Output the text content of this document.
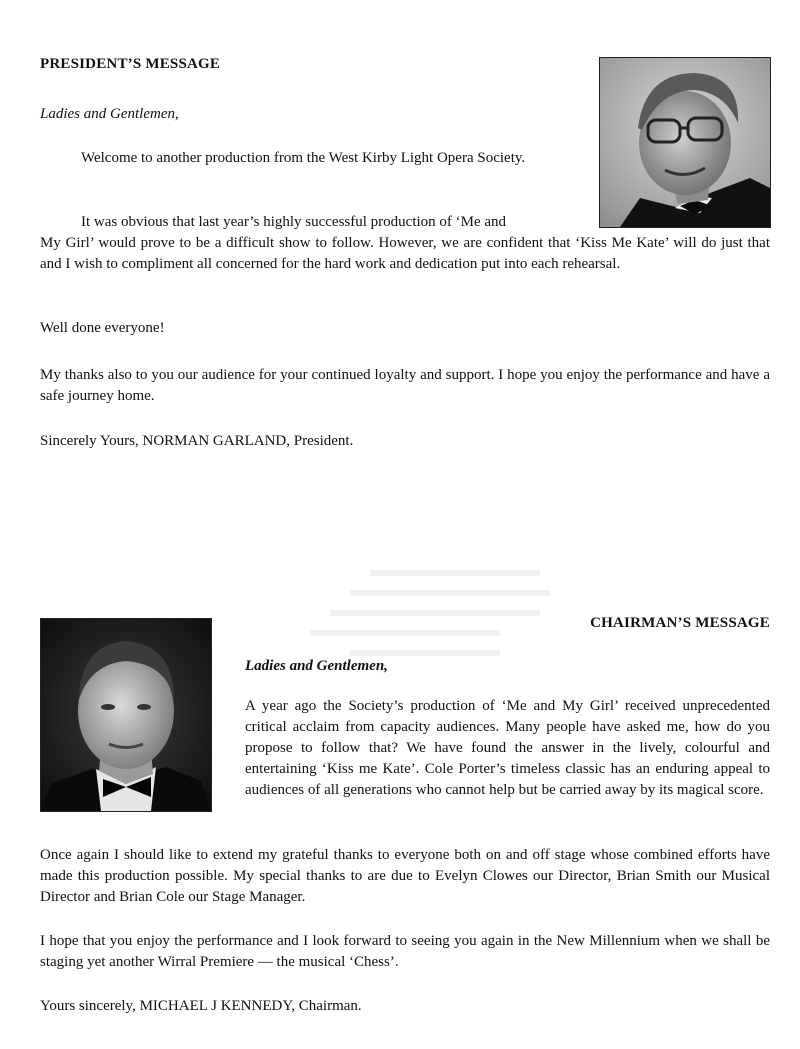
PRESIDENT’S MESSAGE

Ladies and Gentlemen,

Welcome to another production from the West Kirby Light Opera Society.

It was obvious that last year’s highly successful production of ‘Me and

My Girl’ would prove to be a difficult show to follow. However, we are confident that ‘Kiss Me Kate’ will do just that and I wish to compliment all concerned for the hard work and dedication put into each rehearsal.

Well done everyone!

My thanks also to you our audience for your continued loyalty and support. I hope you enjoy the performance and have a safe journey home.

Sincerely Yours, NORMAN GARLAND, President.

CHAIRMAN’S MESSAGE

Ladies and Gentlemen,

A year ago the Society’s production of ‘Me and My Girl’ received unprecedented critical acclaim from capacity audiences. Many people have asked me, how do you propose to follow that? We have found the answer in the lively, colourful and entertaining ‘Kiss me Kate’. Cole Porter’s timeless classic has an enduring appeal to audiences of all generations who cannot help but be carried away by its magical score.

Once again I should like to extend my grateful thanks to everyone both on and off stage whose combined efforts have made this production possible. My special thanks to are due to Evelyn Clowes our Director, Brian Smith our Musical Director and Brian Cole our Stage Manager.

I hope that you enjoy the performance and I look forward to seeing you again in the New Millennium when we shall be staging yet another Wirral Premiere — the musical ‘Chess’.

Yours sincerely, MICHAEL J KENNEDY, Chairman.
